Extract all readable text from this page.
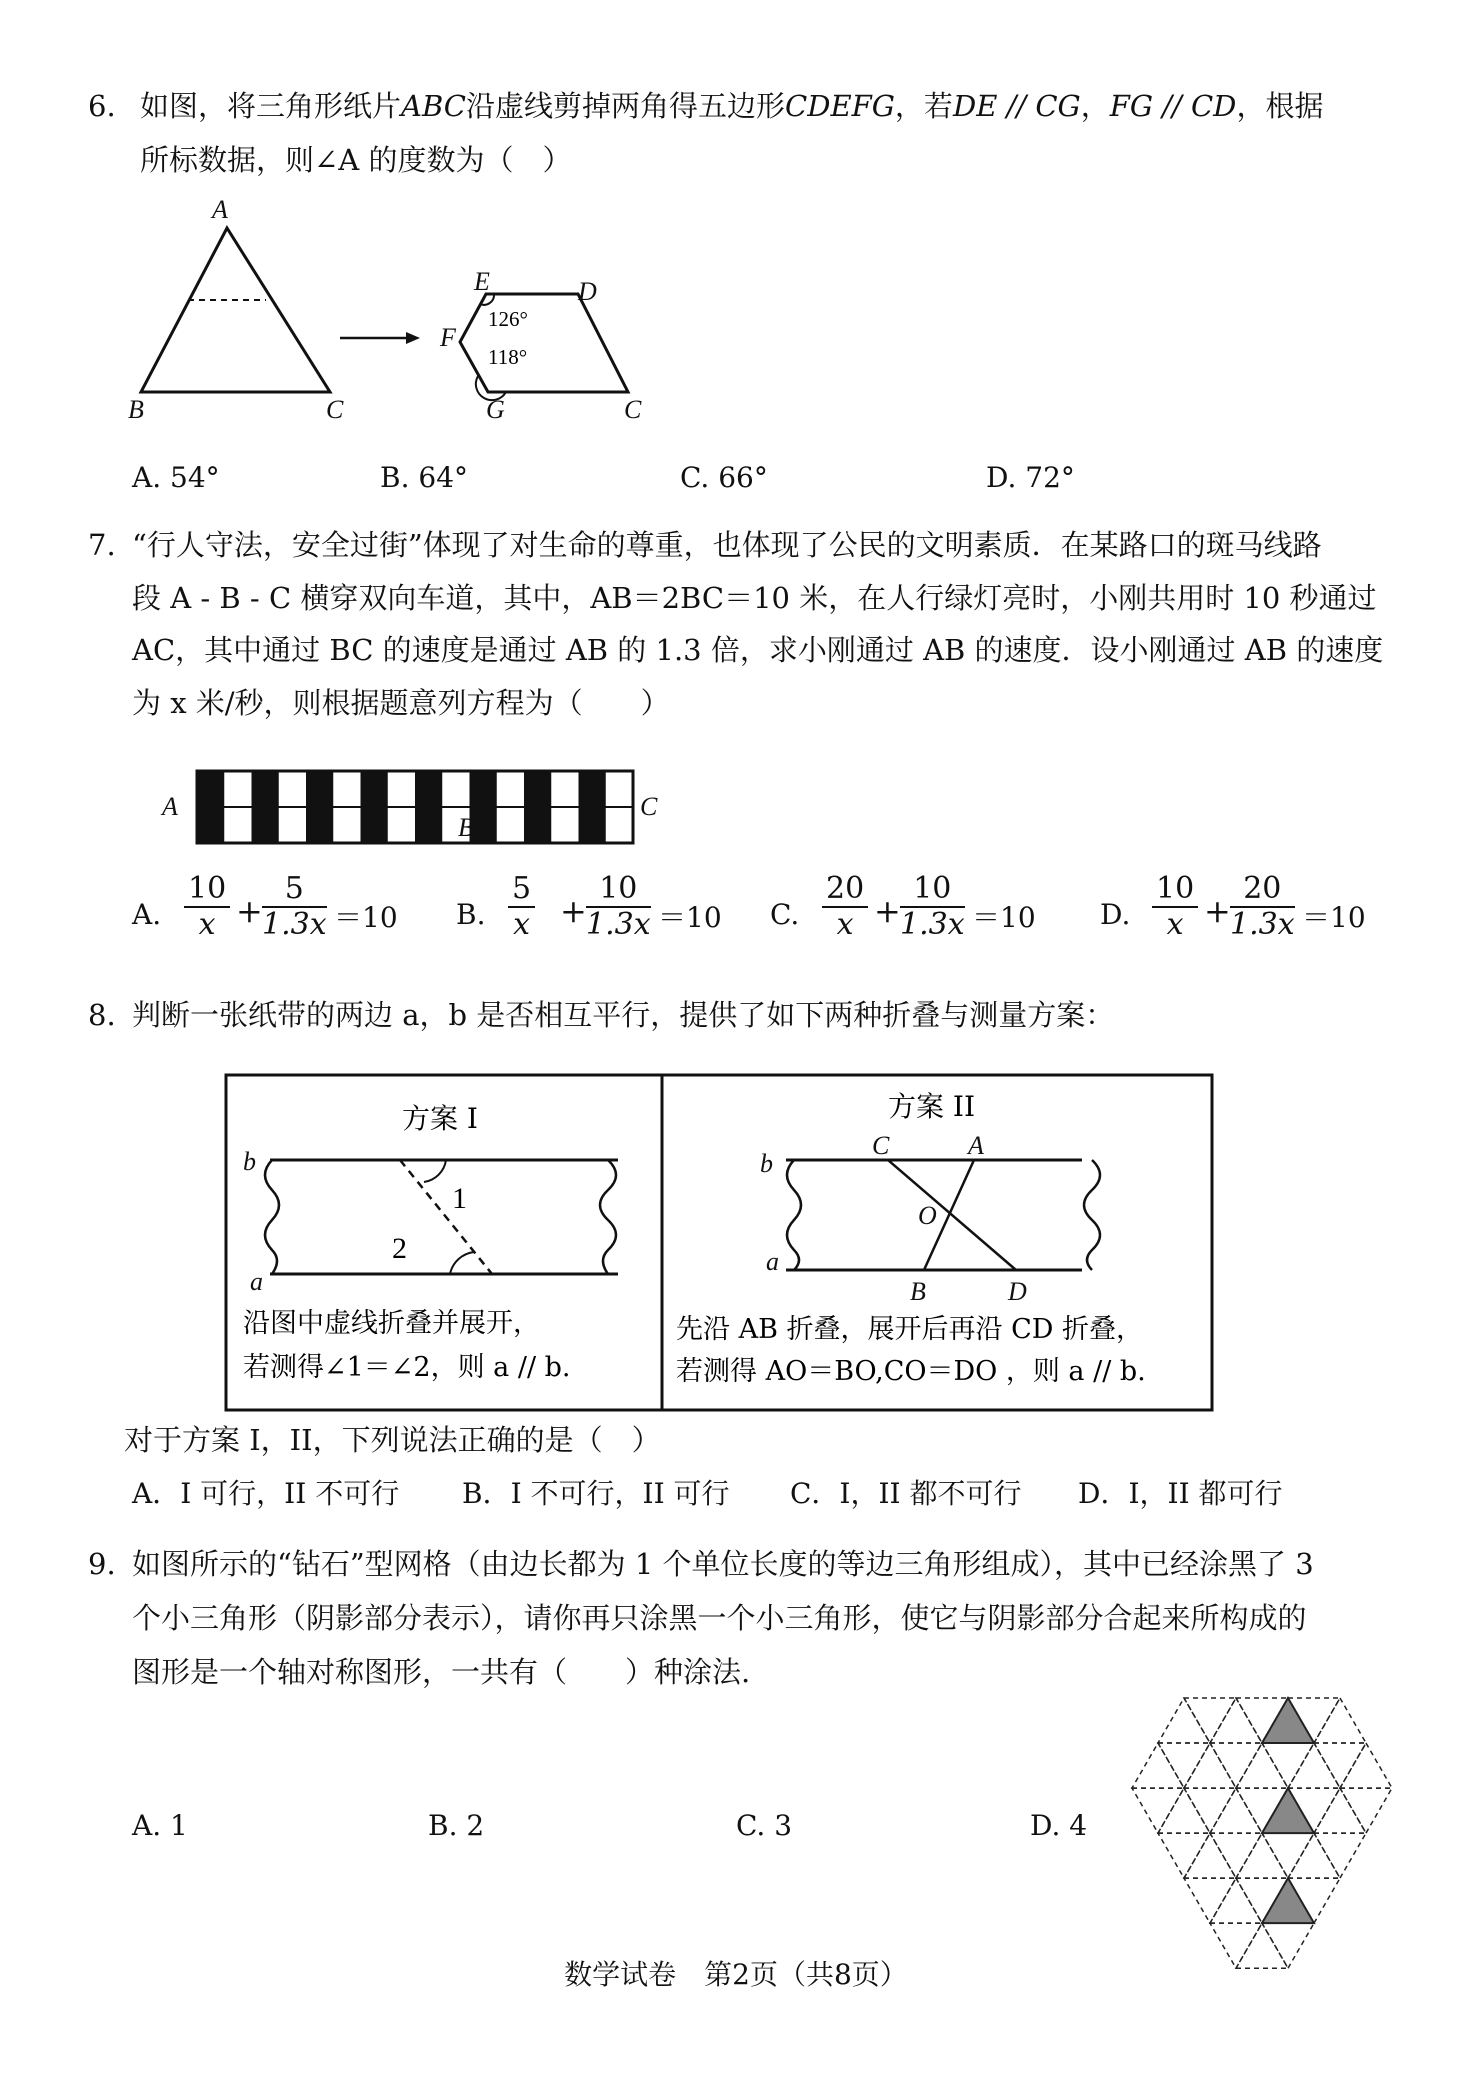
6. 如图，将三角形纸片ABC沿虚线剪掉两角得五边形CDEFG，若DE // CG，FG // CD，根据
所标数据，则∠A 的度数为（　）
A
B	C
E	D
F
G	C
126°
118°
A. 54°	B. 64°	C. 66°	D. 72°
7. “行人守法，安全过街”体现了对生命的尊重，也体现了公民的文明素质．在某路口的斑马线路
段 A - B - C 横穿双向车道，其中，AB＝2BC＝10 米，在人行绿灯亮时，小刚共用时 10 秒通过
AC，其中通过 BC 的速度是通过 AB 的 1.3 倍，求小刚通过 AB 的速度．设小刚通过 AB 的速度
为 x 米/秒，则根据题意列方程为（　　）
A
B
C
A. $\frac{10}{x} + \frac{5}{1.3x} =10$ B. $\frac{5}{x} + \frac{10}{1.3x} =10$ C. $\frac{20}{x} + \frac{10}{1.3x} =10$ D. $\frac{10}{x} + \frac{20}{1.3x} =10$
8. 判断一张纸带的两边 a，b 是否相互平行，提供了如下两种折叠与测量方案：
方案 I
b
a
1
2
沿图中虚线折叠并展开，
若测得∠1＝∠2，则 a // b.
方案 II
C	A
b
O
a
B	D
先沿 AB 折叠，展开后再沿 CD 折叠，
若测得 AO＝BO,CO＝DO ，则 a // b.
对于方案 I，II，下列说法正确的是（　）
A．I 可行，II 不可行 B．I 不可行，II 可行 C．I，II 都不可行 D．I，II 都可行
9. 如图所示的“钻石”型网格（由边长都为 1 个单位长度的等边三角形组成），其中已经涂黑了 3
个小三角形（阴影部分表示），请你再只涂黑一个小三角形，使它与阴影部分合起来所构成的
图形是一个轴对称图形，一共有（　　）种涂法.
A. 1	B. 2	C. 3	D. 4
数学试卷　第2页（共8页）
